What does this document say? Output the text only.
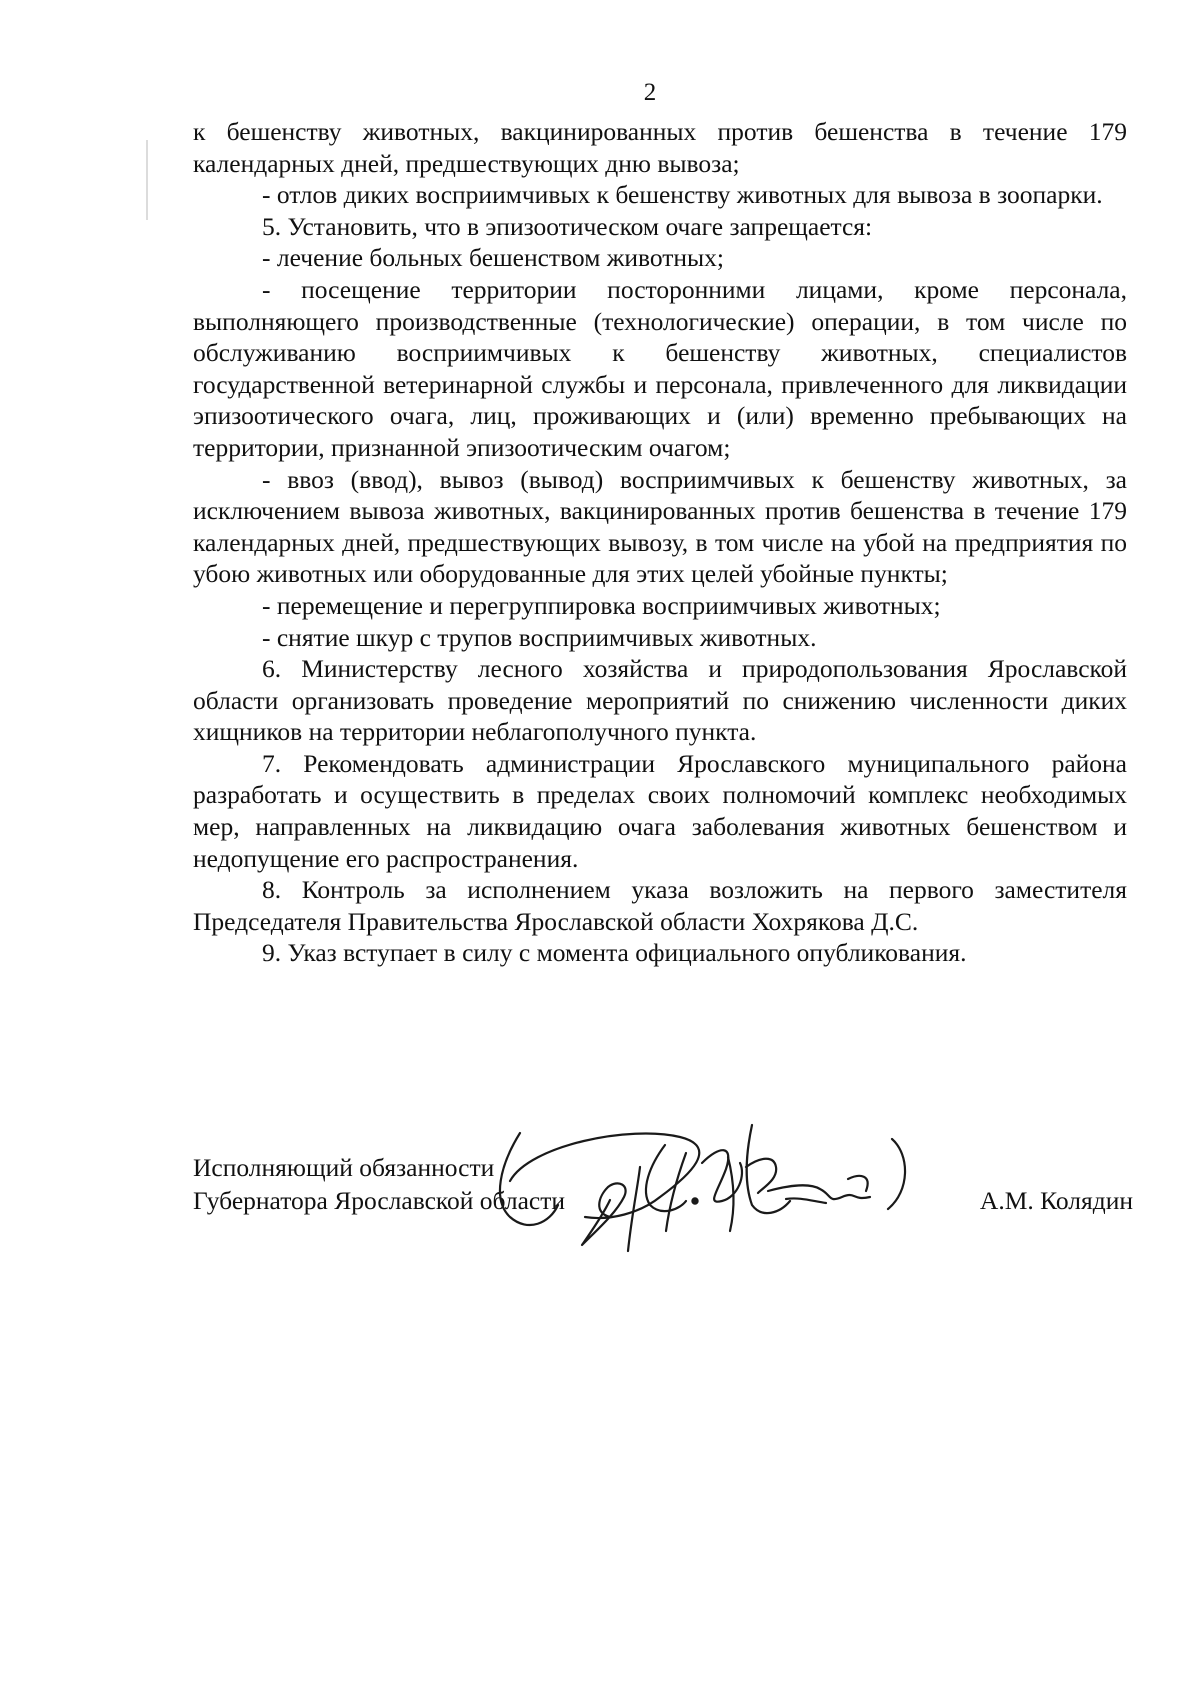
2

к бешенству животных, вакцинированных против бешенства в течение 179 календарных дней, предшествующих дню вывоза;

- отлов диких восприимчивых к бешенству животных для вывоза в зоопарки.

5. Установить, что в эпизоотическом очаге запрещается:

- лечение больных бешенством животных;

- посещение территории посторонними лицами, кроме персонала, выполняющего производственные (технологические) операции, в том числе по обслуживанию восприимчивых к бешенству животных, специалистов государственной ветеринарной службы и персонала, привлеченного для ликвидации эпизоотического очага, лиц, проживающих и (или) временно пребывающих на территории, признанной эпизоотическим очагом;

- ввоз (ввод), вывоз (вывод) восприимчивых к бешенству животных, за исключением вывоза животных, вакцинированных против бешенства в течение 179 календарных дней, предшествующих вывозу, в том числе на убой на предприятия по убою животных или оборудованные для этих целей убойные пункты;

- перемещение и перегруппировка восприимчивых животных;

- снятие шкур с трупов восприимчивых животных.

6. Министерству лесного хозяйства и природопользования Ярославской области организовать проведение мероприятий по снижению численности диких хищников на территории неблагополучного пункта.

7. Рекомендовать администрации Ярославского муниципального района разработать и осуществить в пределах своих полномочий комплекс необходимых мер, направленных на ликвидацию очага заболевания животных бешенством и недопущение его распространения.

8. Контроль за исполнением указа возложить на первого заместителя Председателя Правительства Ярославской области Хохрякова Д.С.

9. Указ вступает в силу с момента официального опубликования.

Исполняющий обязанности
Губернатора Ярославской области	А.М. Колядин
